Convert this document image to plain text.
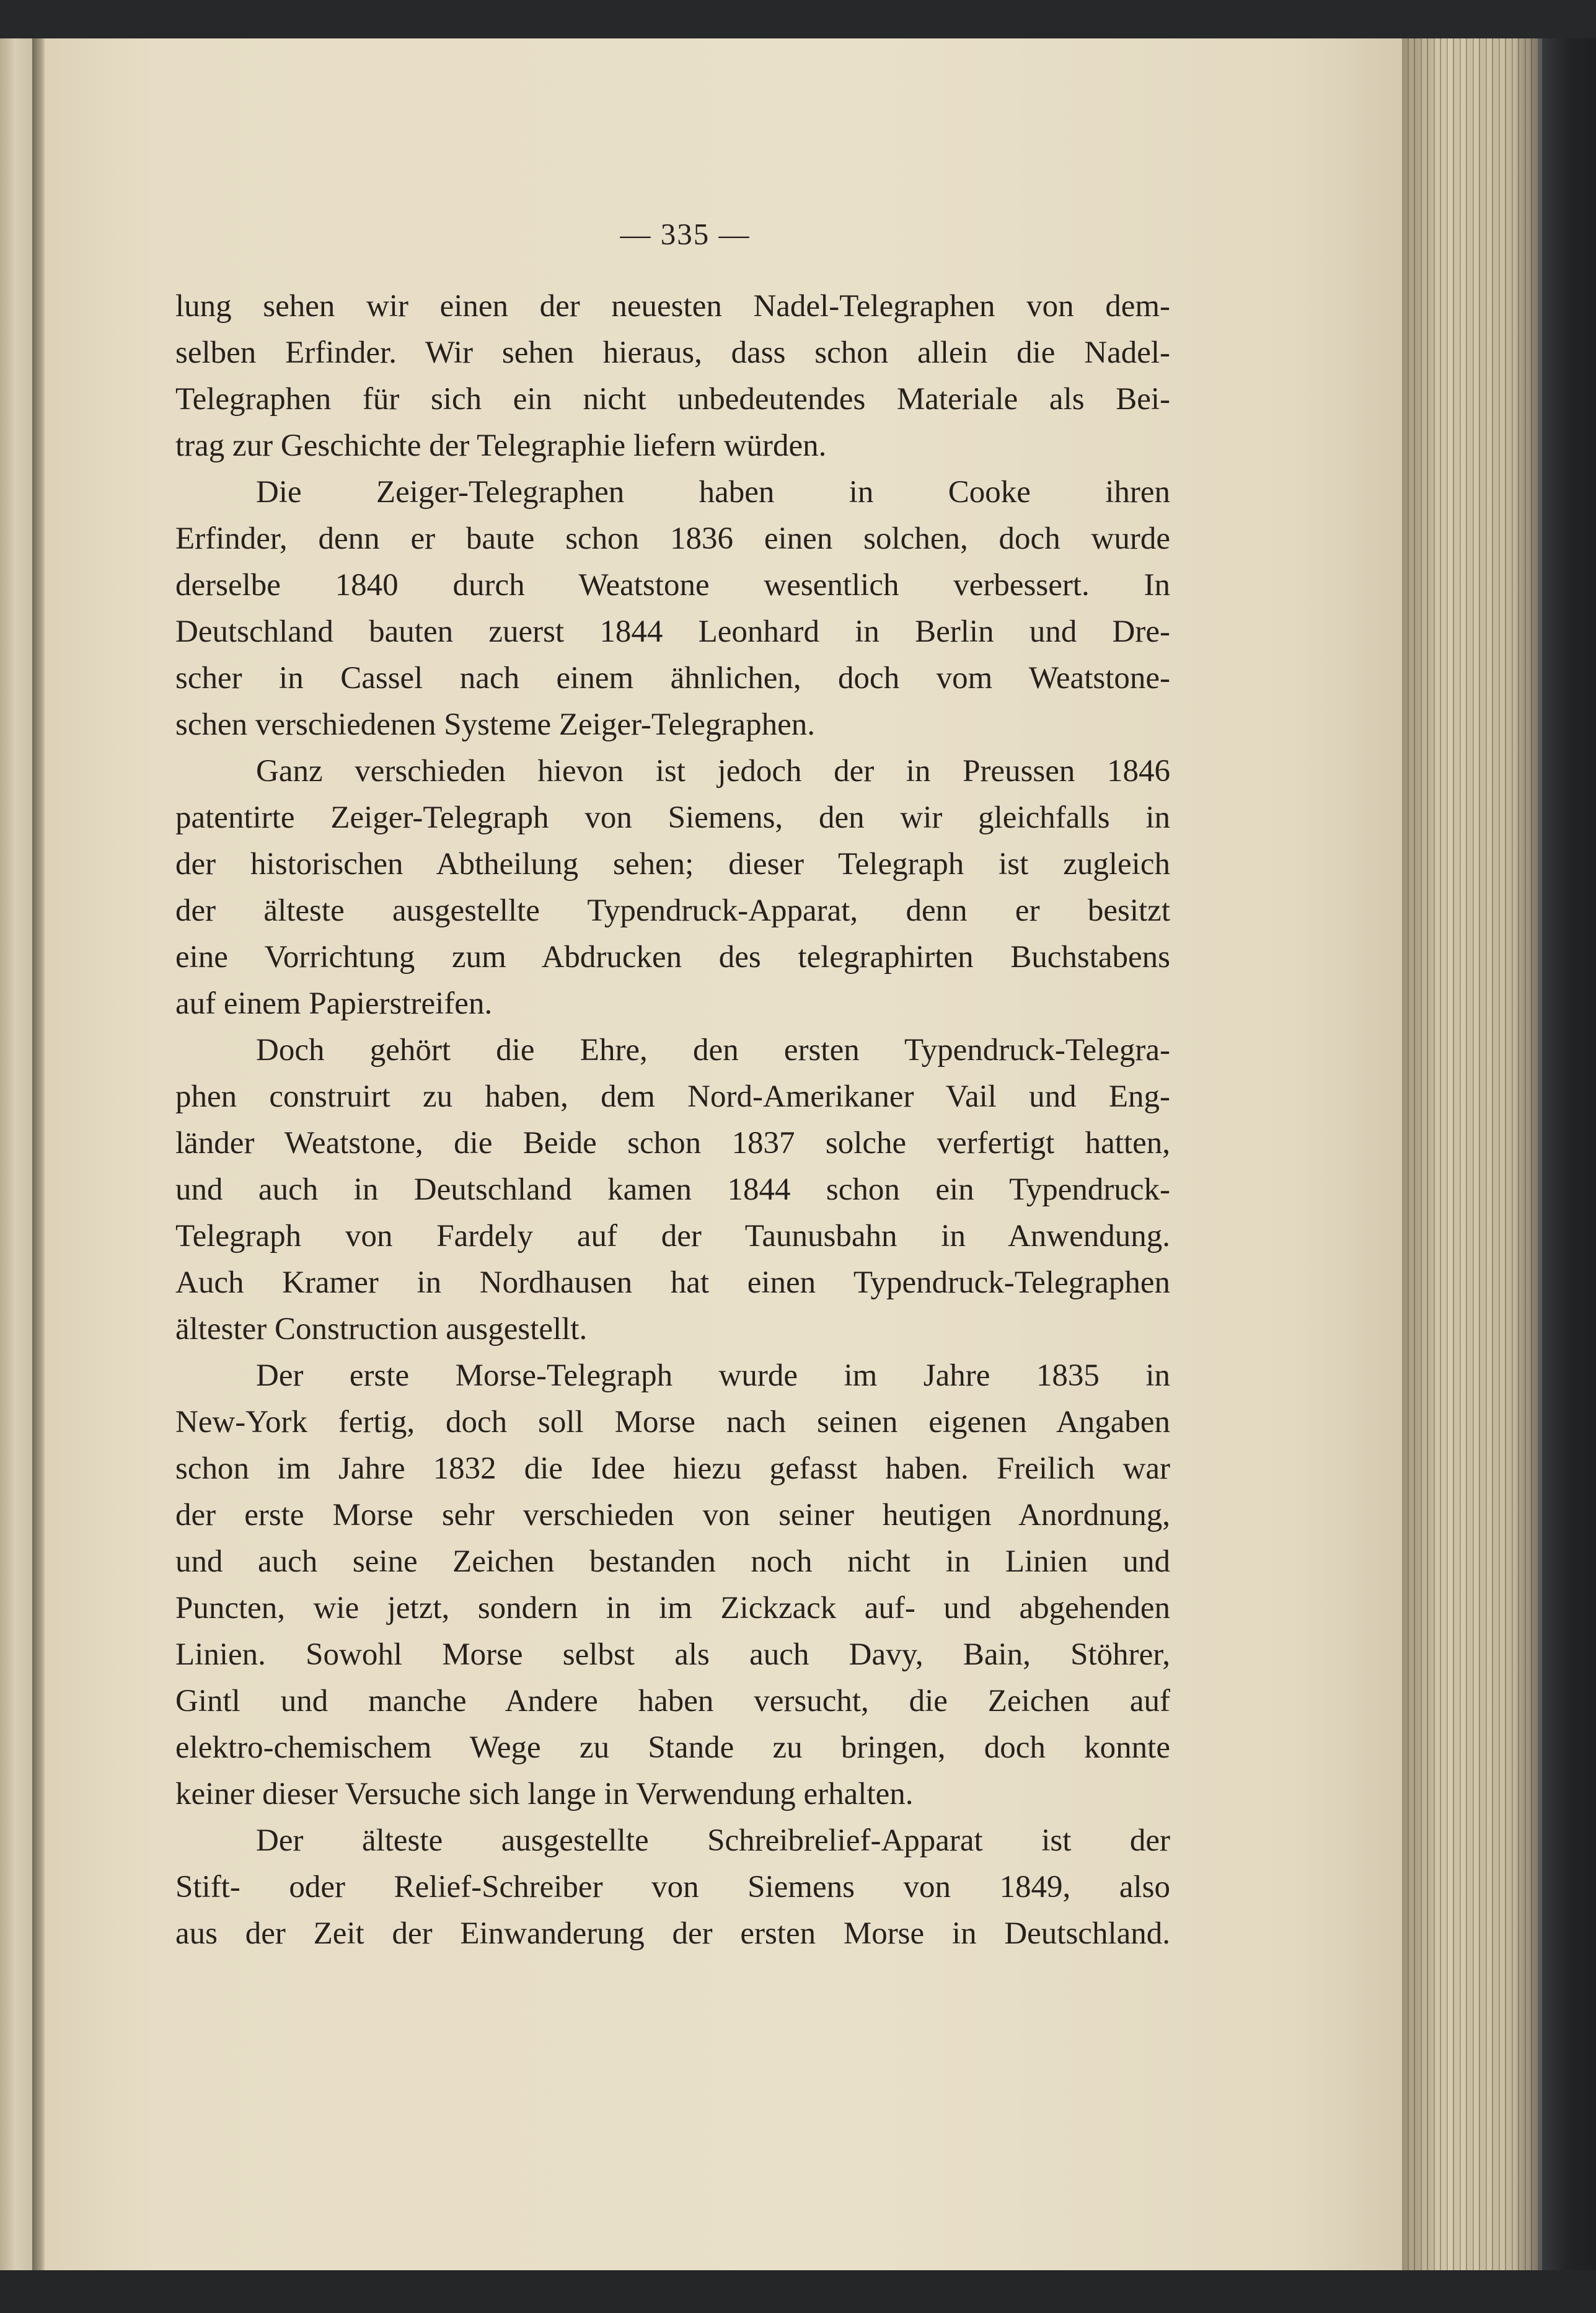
— 335 —
lung sehen wir einen der neuesten Nadel-Telegraphen von dem-
selben Erfinder. Wir sehen hieraus, dass schon allein die Nadel-
Telegraphen für sich ein nicht unbedeutendes Materiale als Bei-
trag zur Geschichte der Telegraphie liefern würden.
Die Zeiger-Telegraphen haben in Cooke ihren
Erfinder, denn er baute schon 1836 einen solchen, doch wurde
derselbe 1840 durch Weatstone wesentlich verbessert. In
Deutschland bauten zuerst 1844 Leonhard in Berlin und Dre-
scher in Cassel nach einem ähnlichen, doch vom Weatstone-
schen verschiedenen Systeme Zeiger-Telegraphen.
Ganz verschieden hievon ist jedoch der in Preussen 1846
patentirte Zeiger-Telegraph von Siemens, den wir gleichfalls in
der historischen Abtheilung sehen; dieser Telegraph ist zugleich
der älteste ausgestellte Typendruck-Apparat, denn er besitzt
eine Vorrichtung zum Abdrucken des telegraphirten Buchstabens
auf einem Papierstreifen.
Doch gehört die Ehre, den ersten Typendruck-Telegra-
phen construirt zu haben, dem Nord-Amerikaner Vail und Eng-
länder Weatstone, die Beide schon 1837 solche verfertigt hatten,
und auch in Deutschland kamen 1844 schon ein Typendruck-
Telegraph von Fardely auf der Taunusbahn in Anwendung.
Auch Kramer in Nordhausen hat einen Typendruck-Telegraphen
ältester Construction ausgestellt.
Der erste Morse-Telegraph wurde im Jahre 1835 in
New-York fertig, doch soll Morse nach seinen eigenen Angaben
schon im Jahre 1832 die Idee hiezu gefasst haben. Freilich war
der erste Morse sehr verschieden von seiner heutigen Anordnung,
und auch seine Zeichen bestanden noch nicht in Linien und
Puncten, wie jetzt, sondern in im Zickzack auf- und abgehenden
Linien. Sowohl Morse selbst als auch Davy, Bain, Stöhrer,
Gintl und manche Andere haben versucht, die Zeichen auf
elektro-chemischem Wege zu Stande zu bringen, doch konnte
keiner dieser Versuche sich lange in Verwendung erhalten.
Der älteste ausgestellte Schreibrelief-Apparat ist der
Stift- oder Relief-Schreiber von Siemens von 1849, also
aus der Zeit der Einwanderung der ersten Morse in Deutschland.
